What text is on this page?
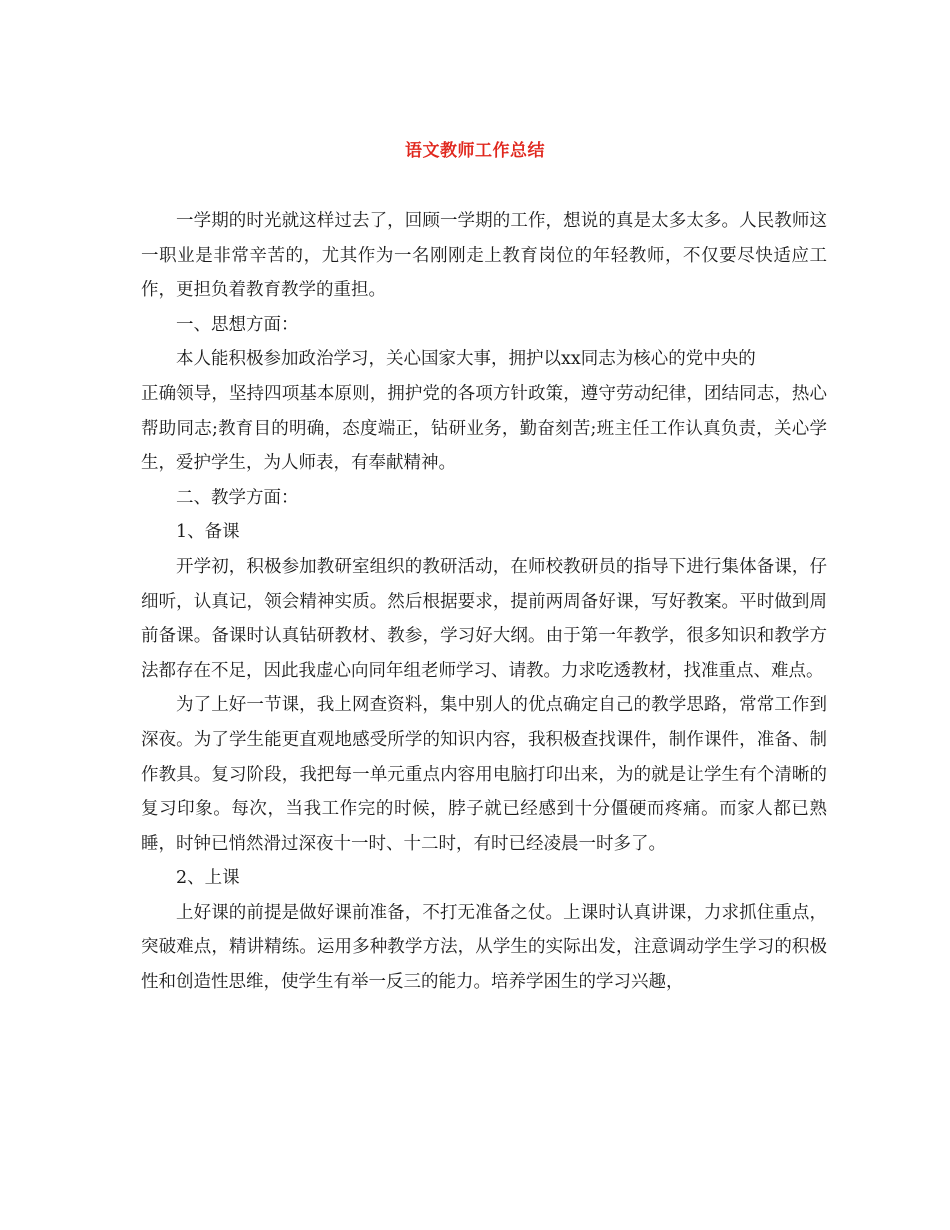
语文教师工作总结

一学期的时光就这样过去了，回顾一学期的工作，想说的真是太多太多。人民教师这一职业是非常辛苦的，尤其作为一名刚刚走上教育岗位的年轻教师，不仅要尽快适应工作，更担负着教育教学的重担。

一、思想方面：

本人能积极参加政治学习，关心国家大事，拥护以xx同志为核心的党中央的

正确领导，坚持四项基本原则，拥护党的各项方针政策，遵守劳动纪律，团结同志，热心帮助同志;教育目的明确，态度端正，钻研业务，勤奋刻苦;班主任工作认真负责，关心学生，爱护学生，为人师表，有奉献精神。

二、教学方面：

1、备课

开学初，积极参加教研室组织的教研活动，在师校教研员的指导下进行集体备课，仔细听，认真记，领会精神实质。然后根据要求，提前两周备好课，写好教案。平时做到周前备课。备课时认真钻研教材、教参，学习好大纲。由于第一年教学，很多知识和教学方法都存在不足，因此我虚心向同年组老师学习、请教。力求吃透教材，找准重点、难点。

为了上好一节课，我上网查资料，集中别人的优点确定自己的教学思路，常常工作到深夜。为了学生能更直观地感受所学的知识内容，我积极查找课件，制作课件，准备、制作教具。复习阶段，我把每一单元重点内容用电脑打印出来，为的就是让学生有个清晰的复习印象。每次，当我工作完的时候，脖子就已经感到十分僵硬而疼痛。而家人都已熟睡，时钟已悄然滑过深夜十一时、十二时，有时已经凌晨一时多了。

2、上课

上好课的前提是做好课前准备，不打无准备之仗。上课时认真讲课，力求抓住重点，突破难点，精讲精练。运用多种教学方法，从学生的实际出发，注意调动学生学习的积极性和创造性思维，使学生有举一反三的能力。培养学困生的学习兴趣，
